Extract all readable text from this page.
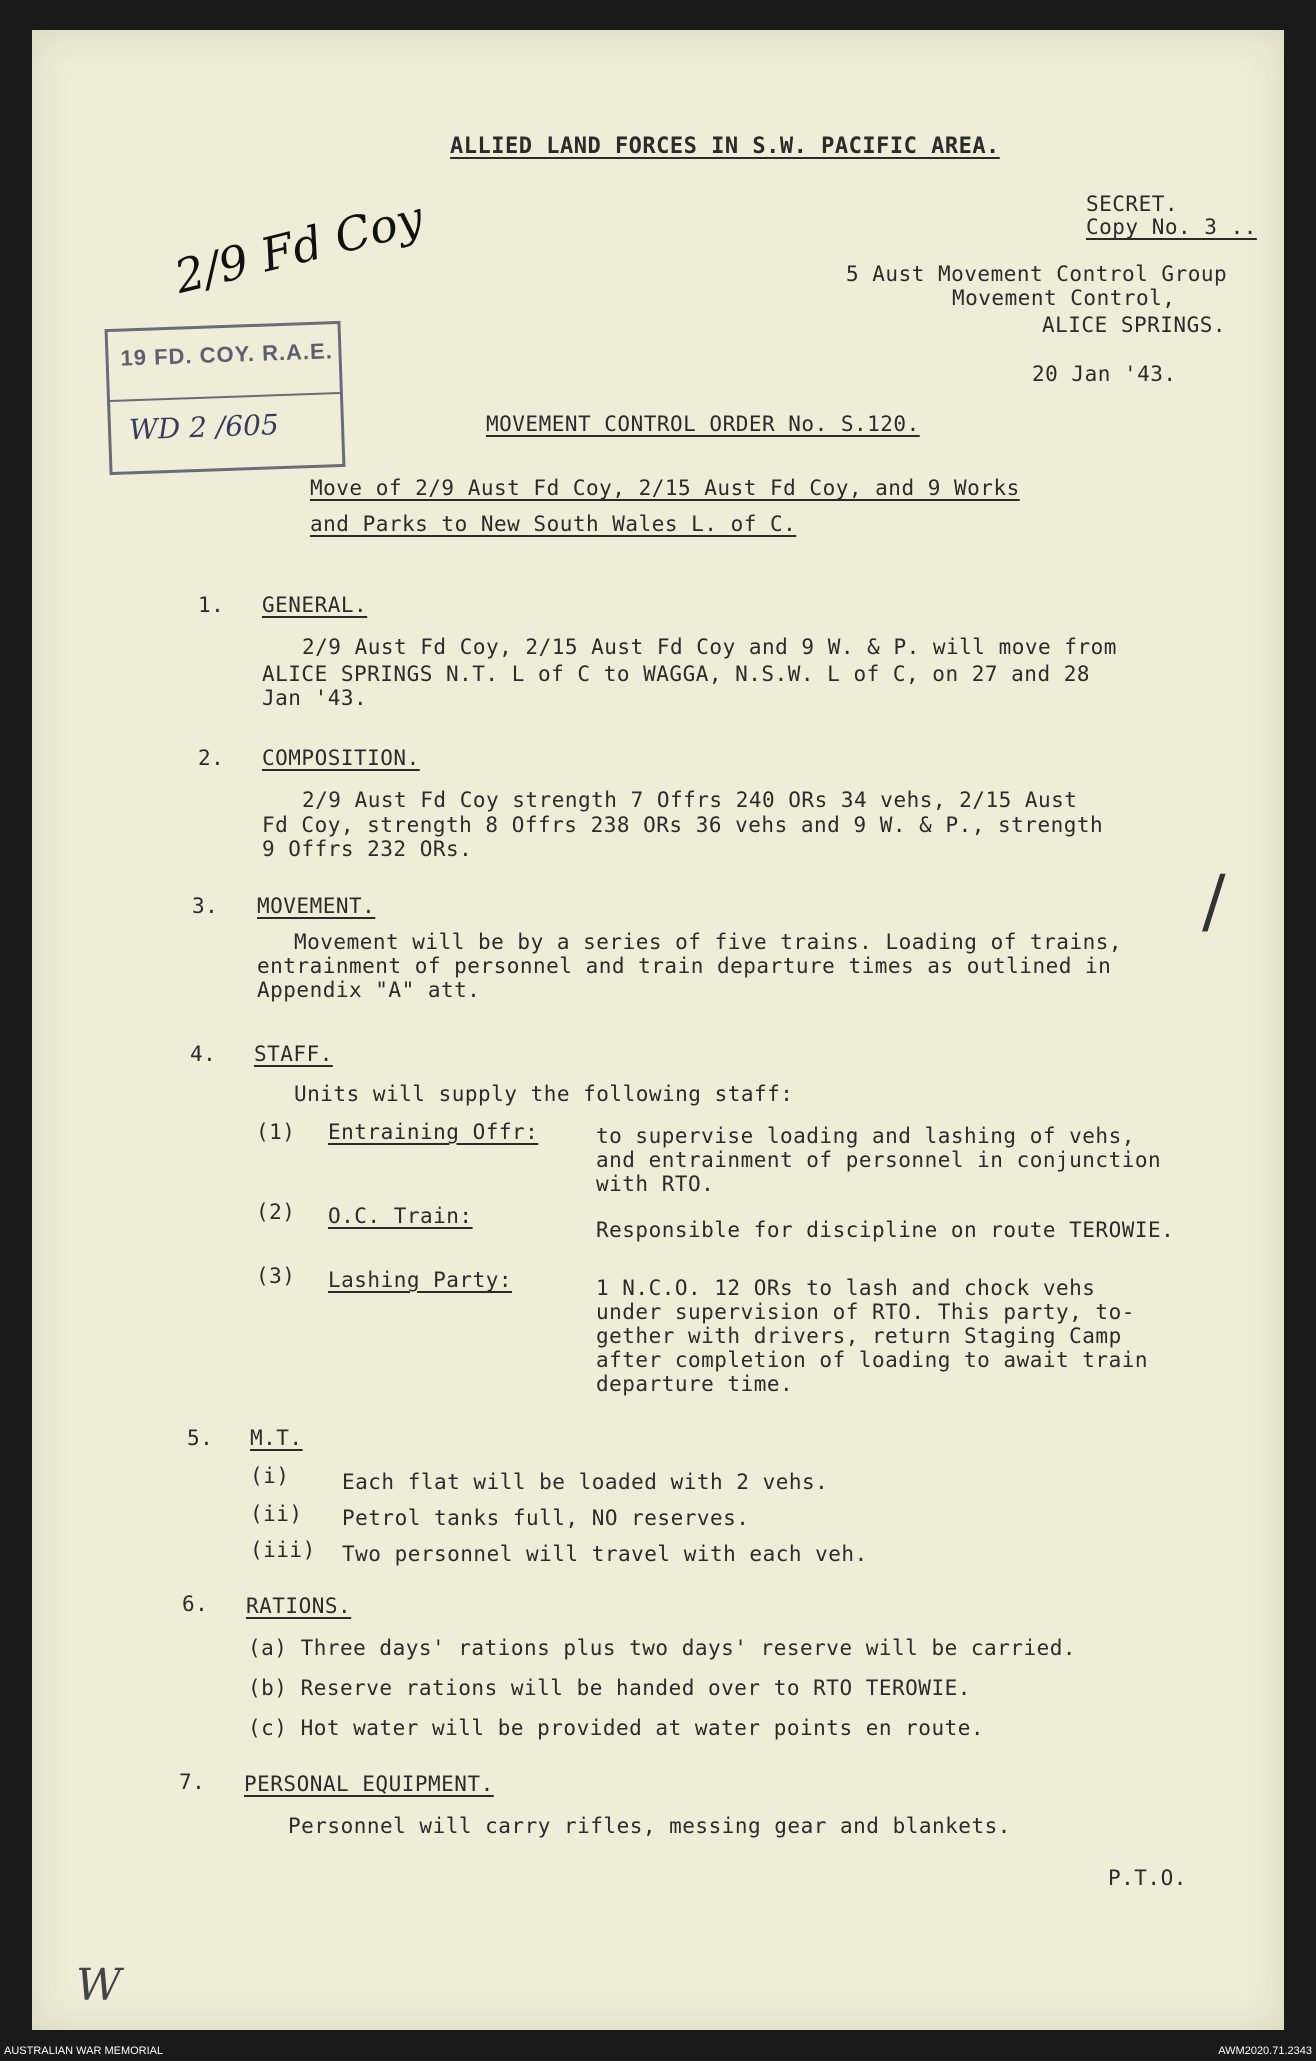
ALLIED LAND FORCES IN S.W. PACIFIC AREA.
SECRET.
Copy No. 3 ..
5 Aust Movement Control Group
Movement Control,
ALICE SPRINGS.
20 Jan '43.
2/9 Fd Coy
19 FD. COY. R.A.E.
WD 2 /605	MOVEMENT CONTROL ORDER No. S.120.
Move of 2/9 Aust Fd Coy, 2/15 Aust Fd Coy, and 9 Works
and Parks to New South Wales L. of C.
1. GENERAL.
2/9 Aust Fd Coy, 2/15 Aust Fd Coy and 9 W. & P. will move from
ALICE SPRINGS N.T. L of C to WAGGA, N.S.W. L of C, on 27 and 28
Jan '43.
2. COMPOSITION.
2/9 Aust Fd Coy strength 7 Offrs 240 ORs 34 vehs, 2/15 Aust
Fd Coy, strength 8 Offrs 238 ORs 36 vehs and 9 W. & P., strength
9 Offrs 232 ORs.
/
3. MOVEMENT.
Movement will be by a series of five trains. Loading of trains,
entrainment of personnel and train departure times as outlined in
Appendix "A" att.
4. STAFF.
Units will supply the following staff:
(1) Entraining Offr:	to supervise loading and lashing of vehs,
and entrainment of personnel in conjunction
with RTO.
(2) O.C. Train:
Responsible for discipline on route TEROWIE.
(3) Lashing Party:	1 N.C.O. 12 ORs to lash and chock vehs
under supervision of RTO. This party, to-
gether with drivers, return Staging Camp
after completion of loading to await train
departure time.
5. M.T.
(i)	Each flat will be loaded with 2 vehs.
(ii) Petrol tanks full, NO reserves.
(iii) Two personnel will travel with each veh.
6. RATIONS.
(a) Three days' rations plus two days' reserve will be carried.
(b) Reserve rations will be handed over to RTO TEROWIE.
(c) Hot water will be provided at water points en route.
7. PERSONAL EQUIPMENT.
Personnel will carry rifles, messing gear and blankets.
P.T.O.
W
AUSTRALIAN WAR MEMORIAL	AWM2020.71.2343
